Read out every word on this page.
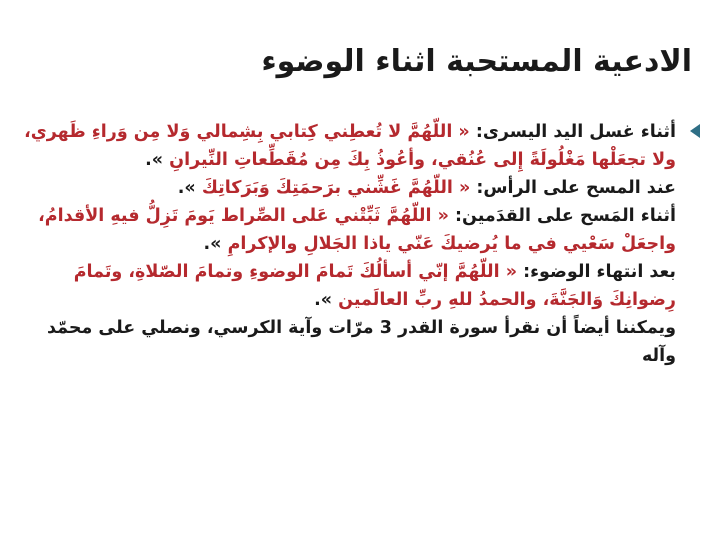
الادعية المستحبة اثناء الوضوء

أثناء غسل اليد اليسرى: « اللّهُمَّ لا تُعطِني كِتابي بِشِمالي وَلا مِن وَراءِ ظَهري، ولا تجعَلْها مَغْلُولَةً إِلى عُنُقي، وأعُوذُ بِكَ مِن مُقَطِّعاتِ النِّيرانِ ».

عند المسح على الرأس: « اللّهُمَّ غَشِّني برَحمَتِكَ وَبَرَكاتِكَ ».

أثناء المَسح على القدَمين: « اللّهُمَّ ثَبِّتْني عَلى الصِّراط يَومَ تَزِلُّ فيهِ الأقدامُ، واجعَلْ سَعْيي في ما يُرضيكَ عَنّي ياذا الجَلالِ والإكرامِ ».

بعد انتهاء الوضوء: « اللّهُمَّ إنّي أسألُكَ تَمامَ الوضوءِ وتمامَ الصّلاةِ، وتَمامَ رِضوانِكَ وَالجَنَّةَ، والحمدُ للهِ ربِّ العالَمين ».

ويمكننا أيضاً أن نقرأ سورة القدر 3 مرّات وآية الكرسي، ونصلي على محمّد وآله
